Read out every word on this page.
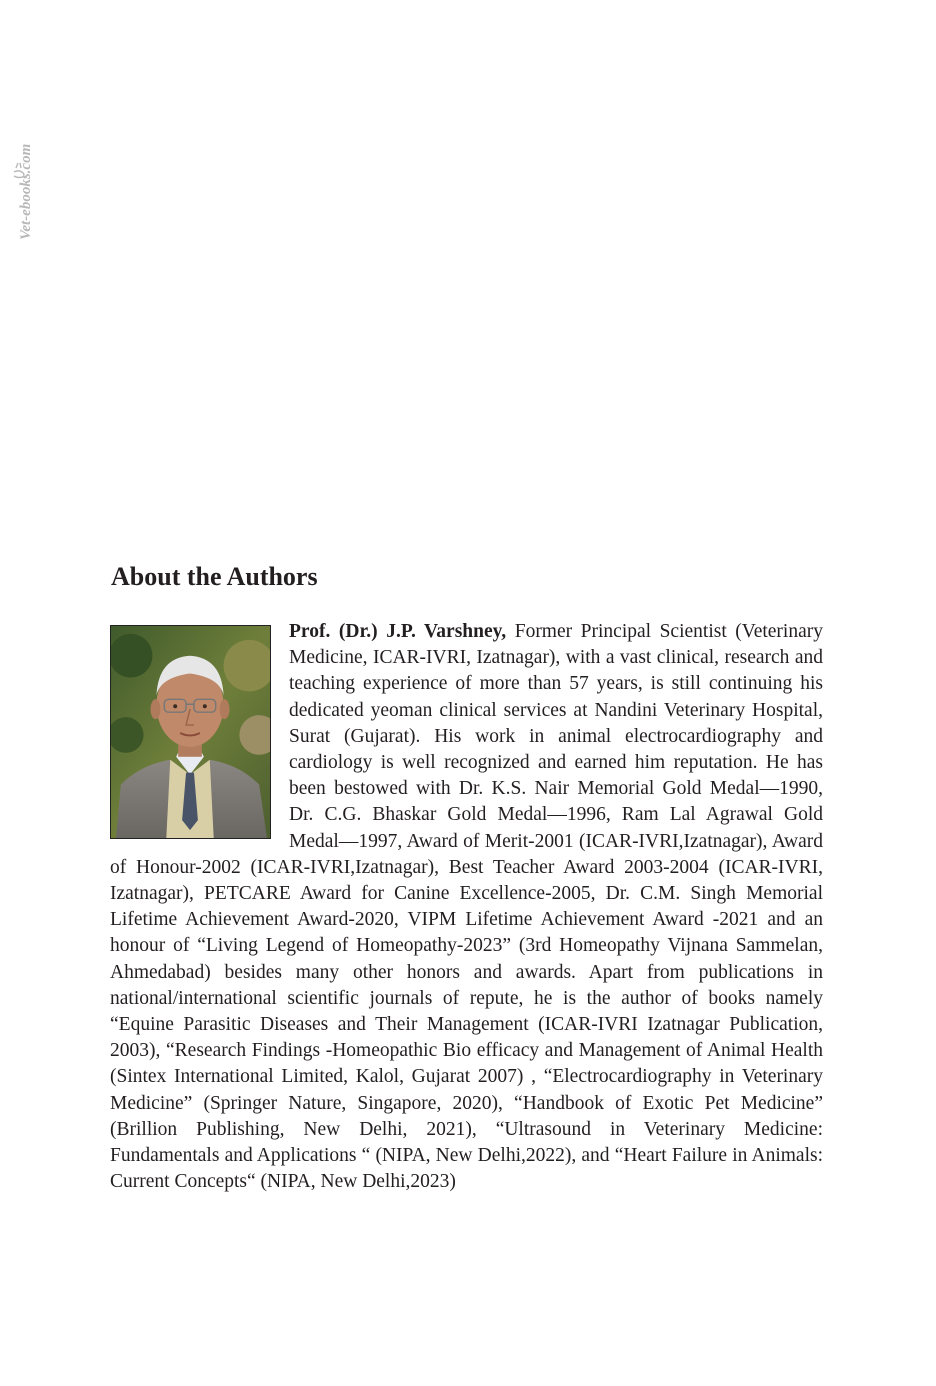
Vet-ebooks.com
About the Authors
Prof. (Dr.) J.P. Varshney, Former Principal Scientist (Veterinary Medicine, ICAR-IVRI, Izatnagar), with a vast clinical, research and teaching experience of more than 57 years, is still continuing his dedicated yeoman clinical services at Nandini Veterinary Hospital, Surat (Gujarat). His work in animal electrocardiography and cardiology is well recognized and earned him reputation. He has been bestowed with Dr. K.S. Nair Memorial Gold Medal—1990, Dr. C.G. Bhaskar Gold Medal—1996, Ram Lal Agrawal Gold Medal—1997, Award of Merit-2001 (ICAR-IVRI,Izatnagar), Award of Honour-2002 (ICAR-IVRI,Izatnagar), Best Teacher Award 2003-2004 (ICAR-IVRI, Izatnagar), PETCARE Award for Canine Excellence-2005, Dr. C.M. Singh Memorial Lifetime Achievement Award-2020, VIPM Lifetime Achievement Award -2021 and an honour of “Living Legend of Homeopathy-2023” (3rd Homeopathy Vijnana Sammelan, Ahmedabad) besides many other honors and awards. Apart from publications in national/international scientific journals of repute, he is the author of books namely “Equine Parasitic Diseases and Their Management (ICAR-IVRI Izatnagar Publication, 2003), “Research Findings -Homeopathic Bio efficacy and Management of Animal Health (Sintex International Limited, Kalol, Gujarat 2007) , “Electrocardiography in Veterinary Medicine” (Springer Nature, Singapore, 2020), “Handbook of Exotic Pet Medicine” (Brillion Publishing, New Delhi, 2021), “Ultrasound in Veterinary Medicine: Fundamentals and Applications “ (NIPA, New Delhi,2022), and “Heart Failure in Animals: Current Concepts“ (NIPA, New Delhi,2023)
